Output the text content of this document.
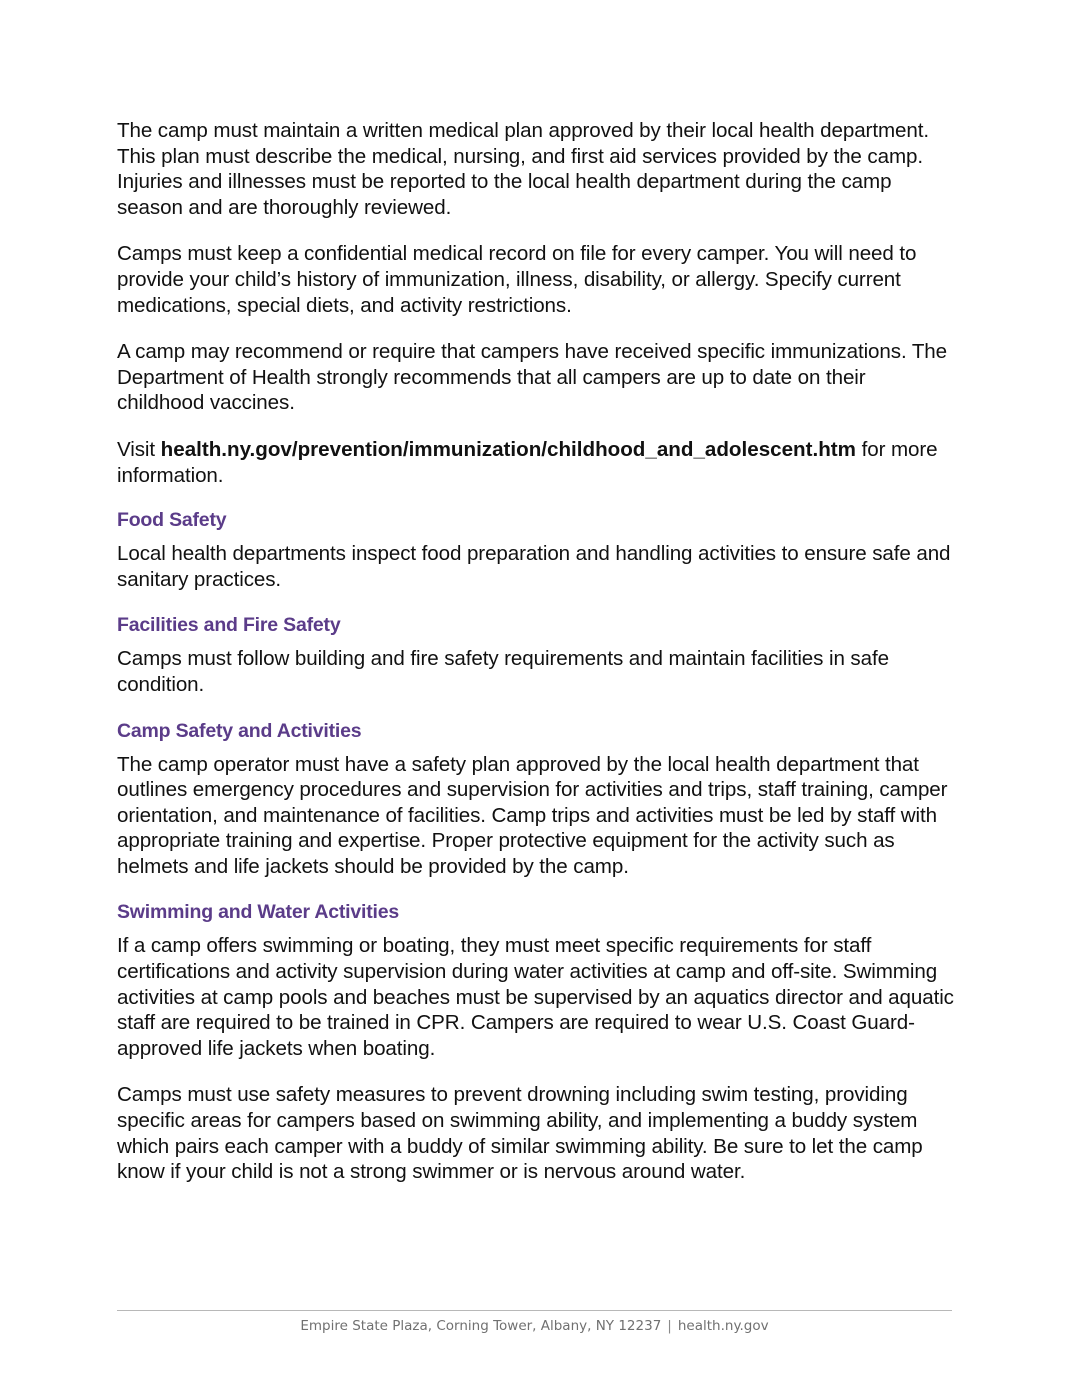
The camp must maintain a written medical plan approved by their local health department. This plan must describe the medical, nursing, and first aid services provided by the camp. Injuries and illnesses must be reported to the local health department during the camp season and are thoroughly reviewed.

Camps must keep a confidential medical record on file for every camper. You will need to provide your child’s history of immunization, illness, disability, or allergy. Specify current medications, special diets, and activity restrictions.

A camp may recommend or require that campers have received specific immunizations. The Department of Health strongly recommends that all campers are up to date on their childhood vaccines.

Visit health.ny.gov/prevention/immunization/childhood_and_adolescent.htm for more information.

Food Safety

Local health departments inspect food preparation and handling activities to ensure safe and sanitary practices.

Facilities and Fire Safety

Camps must follow building and fire safety requirements and maintain facilities in safe condition.

Camp Safety and Activities

The camp operator must have a safety plan approved by the local health department that outlines emergency procedures and supervision for activities and trips, staff training, camper orientation, and maintenance of facilities. Camp trips and activities must be led by staff with appropriate training and expertise. Proper protective equipment for the activity such as helmets and life jackets should be provided by the camp.

Swimming and Water Activities

If a camp offers swimming or boating, they must meet specific requirements for staff certifications and activity supervision during water activities at camp and off-site. Swimming activities at camp pools and beaches must be supervised by an aquatics director and aquatic staff are required to be trained in CPR. Campers are required to wear U.S. Coast Guard-approved life jackets when boating.

Camps must use safety measures to prevent drowning including swim testing, providing specific areas for campers based on swimming ability, and implementing a buddy system which pairs each camper with a buddy of similar swimming ability. Be sure to let the camp know if your child is not a strong swimmer or is nervous around water.

Empire State Plaza, Corning Tower, Albany, NY 12237 | health.ny.gov
